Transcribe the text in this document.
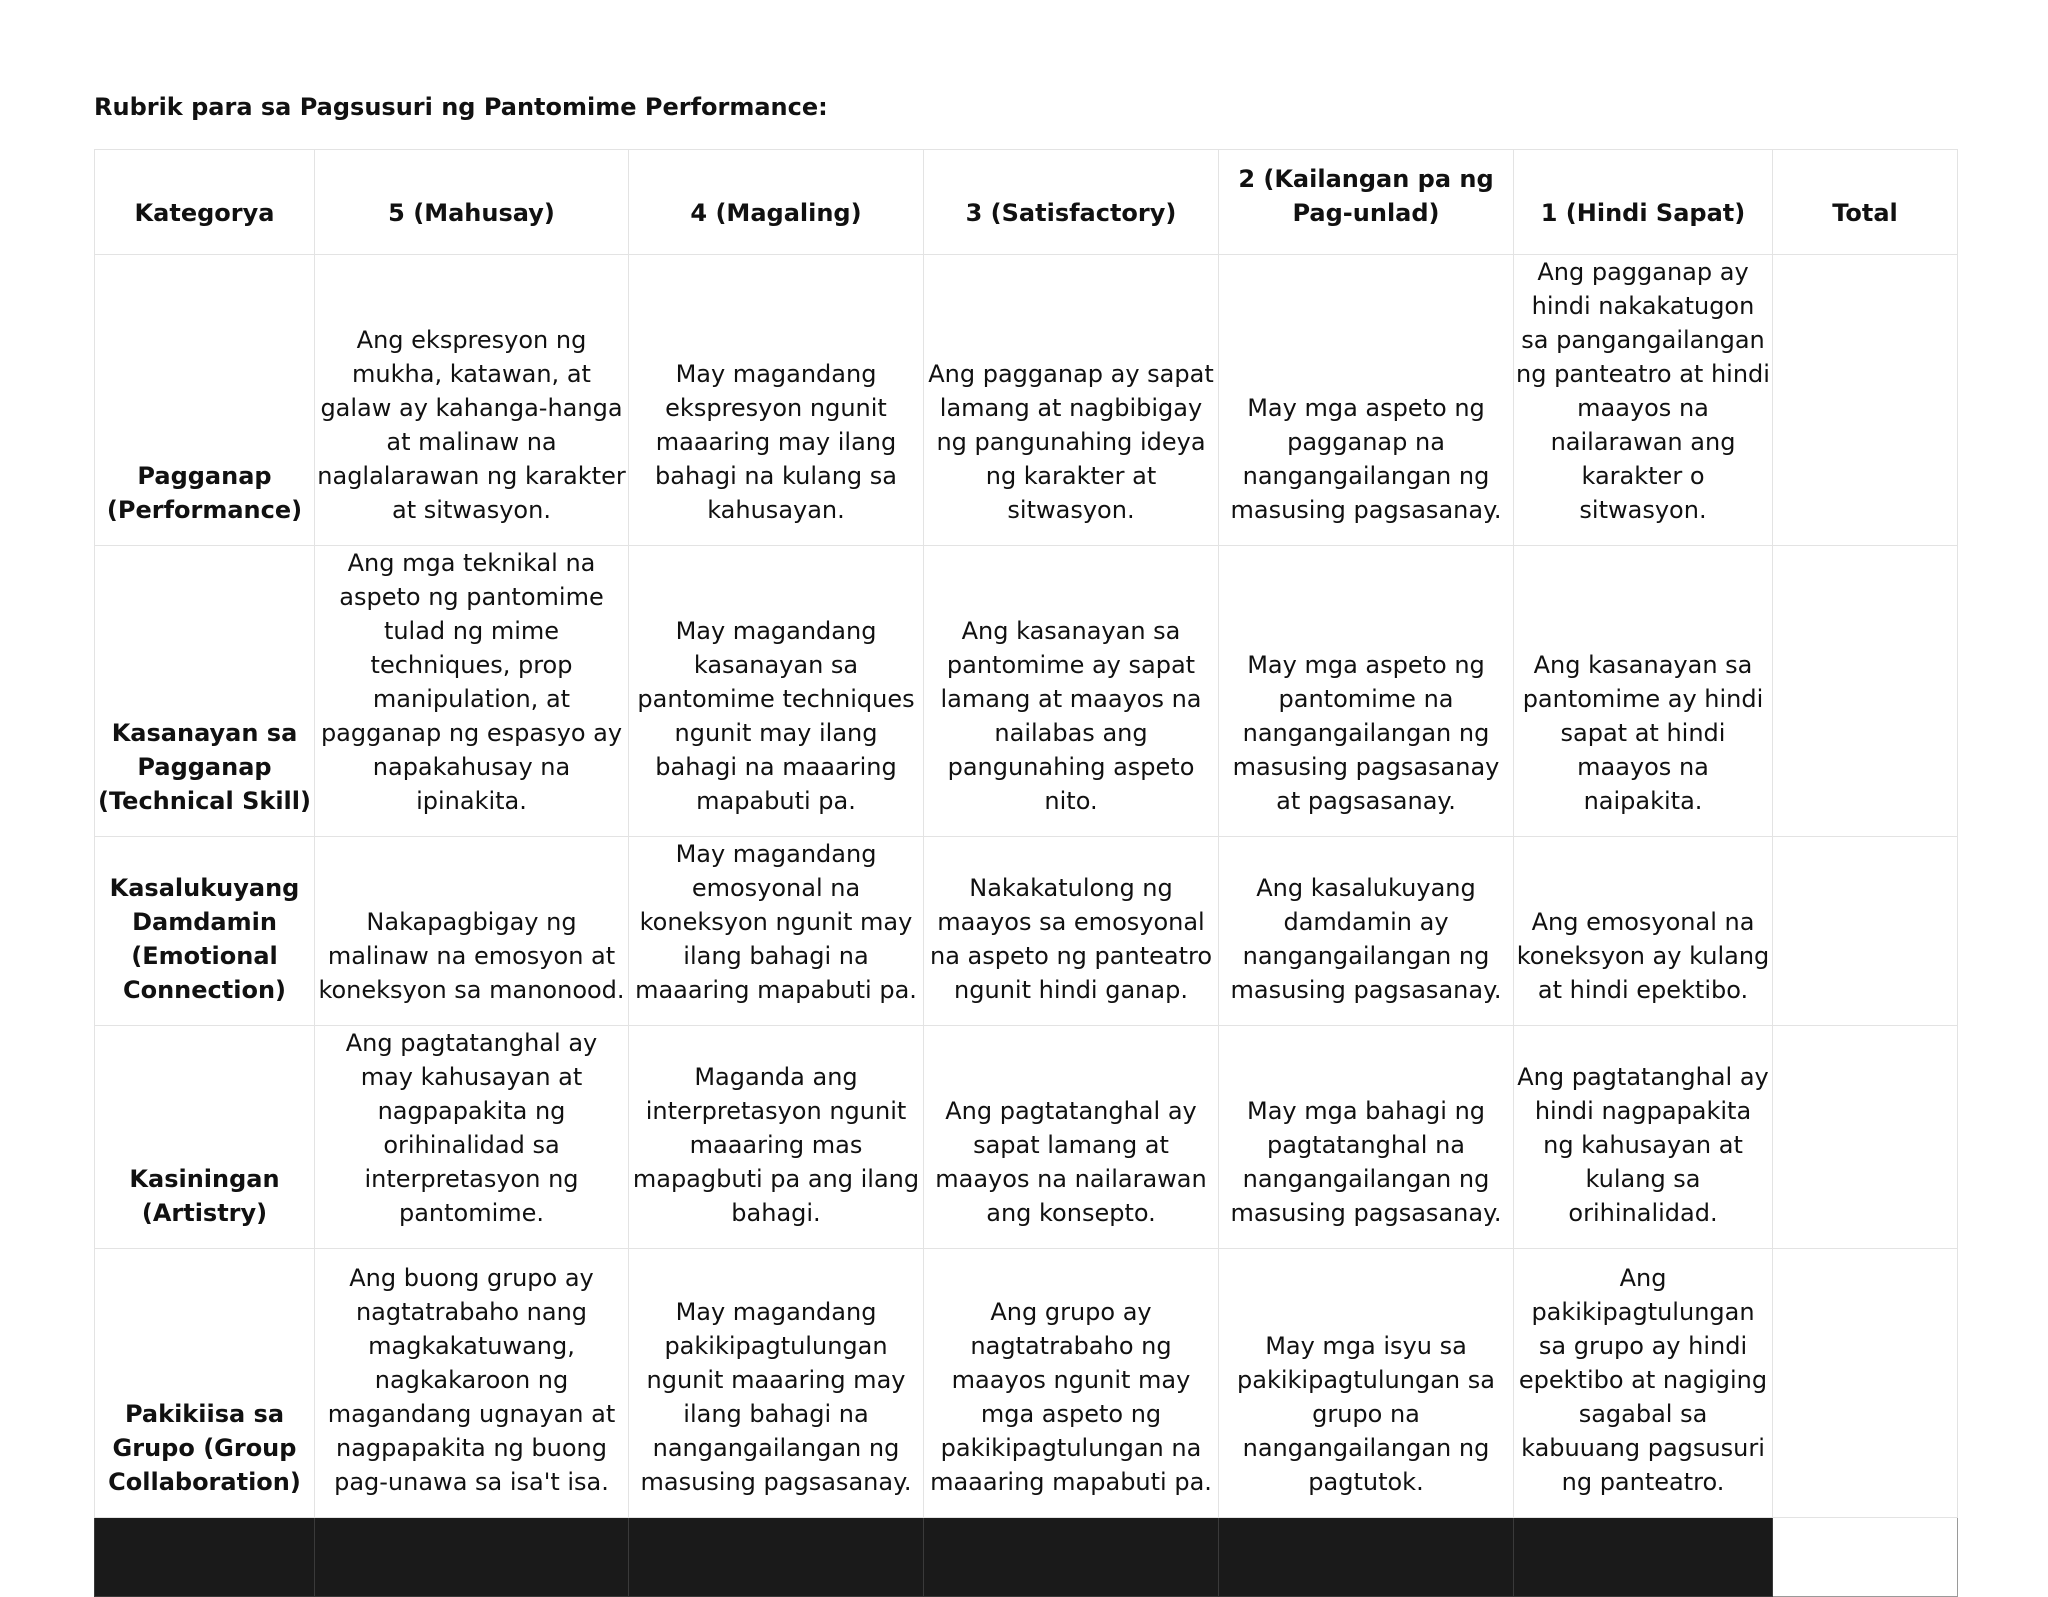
Rubrik para sa Pagsusuri ng Pantomime Performance:
Kategorya	5 (Mahusay)	4 (Magaling)	3 (Satisfactory)	2 (Kailangan pa ng Pag-unlad)	1 (Hindi Sapat)	Total
Pagganap (Performance)	Ang ekspresyon ng mukha, katawan, at galaw ay kahanga-hanga at malinaw na naglalarawan ng karakter at sitwasyon.	May magandang ekspresyon ngunit maaaring may ilang bahagi na kulang sa kahusayan.	Ang pagganap ay sapat lamang at nagbibigay ng pangunahing ideya ng karakter at sitwasyon.	May mga aspeto ng pagganap na nangangailangan ng masusing pagsasanay.	Ang pagganap ay hindi nakakatugon sa pangangailangan ng panteatro at hindi maayos na nailarawan ang karakter o sitwasyon.	
Kasanayan sa Pagganap (Technical Skill)	Ang mga teknikal na aspeto ng pantomime tulad ng mime techniques, prop manipulation, at pagganap ng espasyo ay napakahusay na ipinakita.	May magandang kasanayan sa pantomime techniques ngunit may ilang bahagi na maaaring mapabuti pa.	Ang kasanayan sa pantomime ay sapat lamang at maayos na nailabas ang pangunahing aspeto nito.	May mga aspeto ng pantomime na nangangailangan ng masusing pagsasanay at pagsasanay.	Ang kasanayan sa pantomime ay hindi sapat at hindi maayos na naipakita.	
Kasalukuyang Damdamin (Emotional Connection)	Nakapagbigay ng malinaw na emosyon at koneksyon sa manonood.	May magandang emosyonal na koneksyon ngunit may ilang bahagi na maaaring mapabuti pa.	Nakakatulong ng maayos sa emosyonal na aspeto ng panteatro ngunit hindi ganap.	Ang kasalukuyang damdamin ay nangangailangan ng masusing pagsasanay.	Ang emosyonal na koneksyon ay kulang at hindi epektibo.	
Kasiningan (Artistry)	Ang pagtatanghal ay may kahusayan at nagpapakita ng orihinalidad sa interpretasyon ng pantomime.	Maganda ang interpretasyon ngunit maaaring mas mapagbuti pa ang ilang bahagi.	Ang pagtatanghal ay sapat lamang at maayos na nailarawan ang konsepto.	May mga bahagi ng pagtatanghal na nangangailangan ng masusing pagsasanay.	Ang pagtatanghal ay hindi nagpapakita ng kahusayan at kulang sa orihinalidad.	
Pakikiisa sa Grupo (Group Collaboration)	Ang buong grupo ay nagtatrabaho nang magkakatuwang, nagkakaroon ng magandang ugnayan at nagpapakita ng buong pag-unawa sa isa't isa.	May magandang pakikipagtulungan ngunit maaaring may ilang bahagi na nangangailangan ng masusing pagsasanay.	Ang grupo ay nagtatrabaho ng maayos ngunit may mga aspeto ng pakikipagtulungan na maaaring mapabuti pa.	May mga isyu sa pakikipagtulungan sa grupo na nangangailangan ng pagtutok.	Ang pakikipagtulungan sa grupo ay hindi epektibo at nagiging sagabal sa kabuuang pagsusuri ng panteatro.	
